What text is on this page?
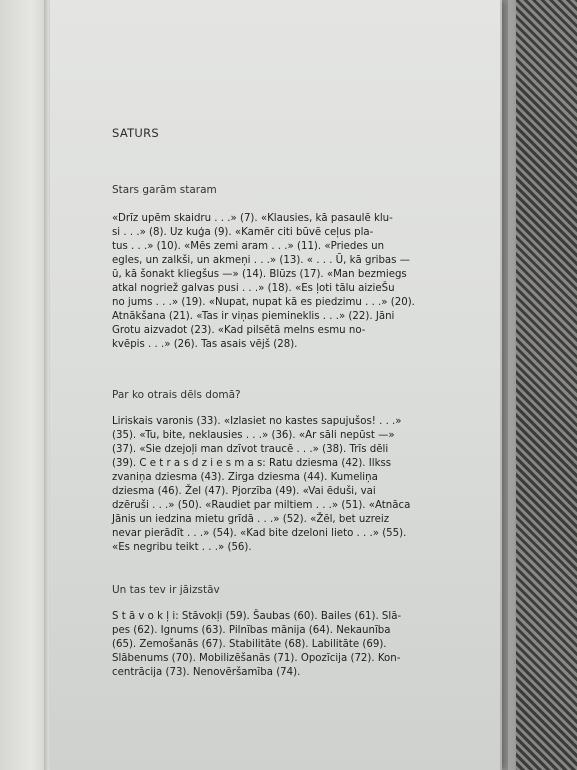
SATURS
Stars garām staram
«Drīz upēm skaidru . . .» (7). «Klausies, kā pasaulē klu-
si . . .» (8). Uz kuģa (9). «Kamēr citi būvē ceļus pla-
tus . . .» (10). «Mēs zemi aram . . .» (11). «Priedes un
egles, un zalkši, un akmeņi . . .» (13). « . . . Ū, kā gribas —
ū, kā šonakt kliegšus —» (14). Blūzs (17). «Man bezmiegs
atkal nogriež galvas pusi . . .» (18). «Es ļoti tālu aizieŠu
no jums . . .» (19). «Nupat, nupat kā es piedzimu . . .» (20).
Atnākšana (21). «Tas ir viņas piemineklis . . .» (22). Jāni
Grotu aizvadot (23). «Kad pilsētā melns esmu no-
kvēpis . . .» (26). Tas asais vējš (28).
Par ko otrais dēls domā?
Liriskais varonis (33). «Izlasiet no kastes sapujušos! . . .»
(35). «Tu, bite, neklausies . . .» (36). «Ar sāli nepūst —»
(37). «Sie dzejoļi man dzīvot traucē . . .» (38). Trīs dēli
(39). C e t r a s d z i e s m a s: Ratu dziesma (42). Ilkss
zvaniņa dziesma (43). Zirga dziesma (44). Kumeliņa
dziesma (46). Žel (47). Pjorzība (49). «Vai ēduši, vai
dzēruši . . .» (50). «Raudiet par miltiem . . .» (51). «Atnāca
Jānis un iedzina mietu grīdā . . .» (52). «Žēl, bet uzreiz
nevar pierādīt . . .» (54). «Kad bite dzeloni lieto . . .» (55).
«Es negribu teikt . . .» (56).
Un tas tev ir jāizstāv
S t ā v o k ļ i: Stāvokļi (59). Šaubas (60). Bailes (61). Slā-
pes (62). Ignums (63). Pilnības mānija (64). Nekaunība
(65). Zemošanās (67). Stabilitāte (68). Labilitāte (69).
Slābenums (70). Mobilizēšanās (71). Opozīcija (72). Kon-
centrācija (73). Nenovēršamība (74).
